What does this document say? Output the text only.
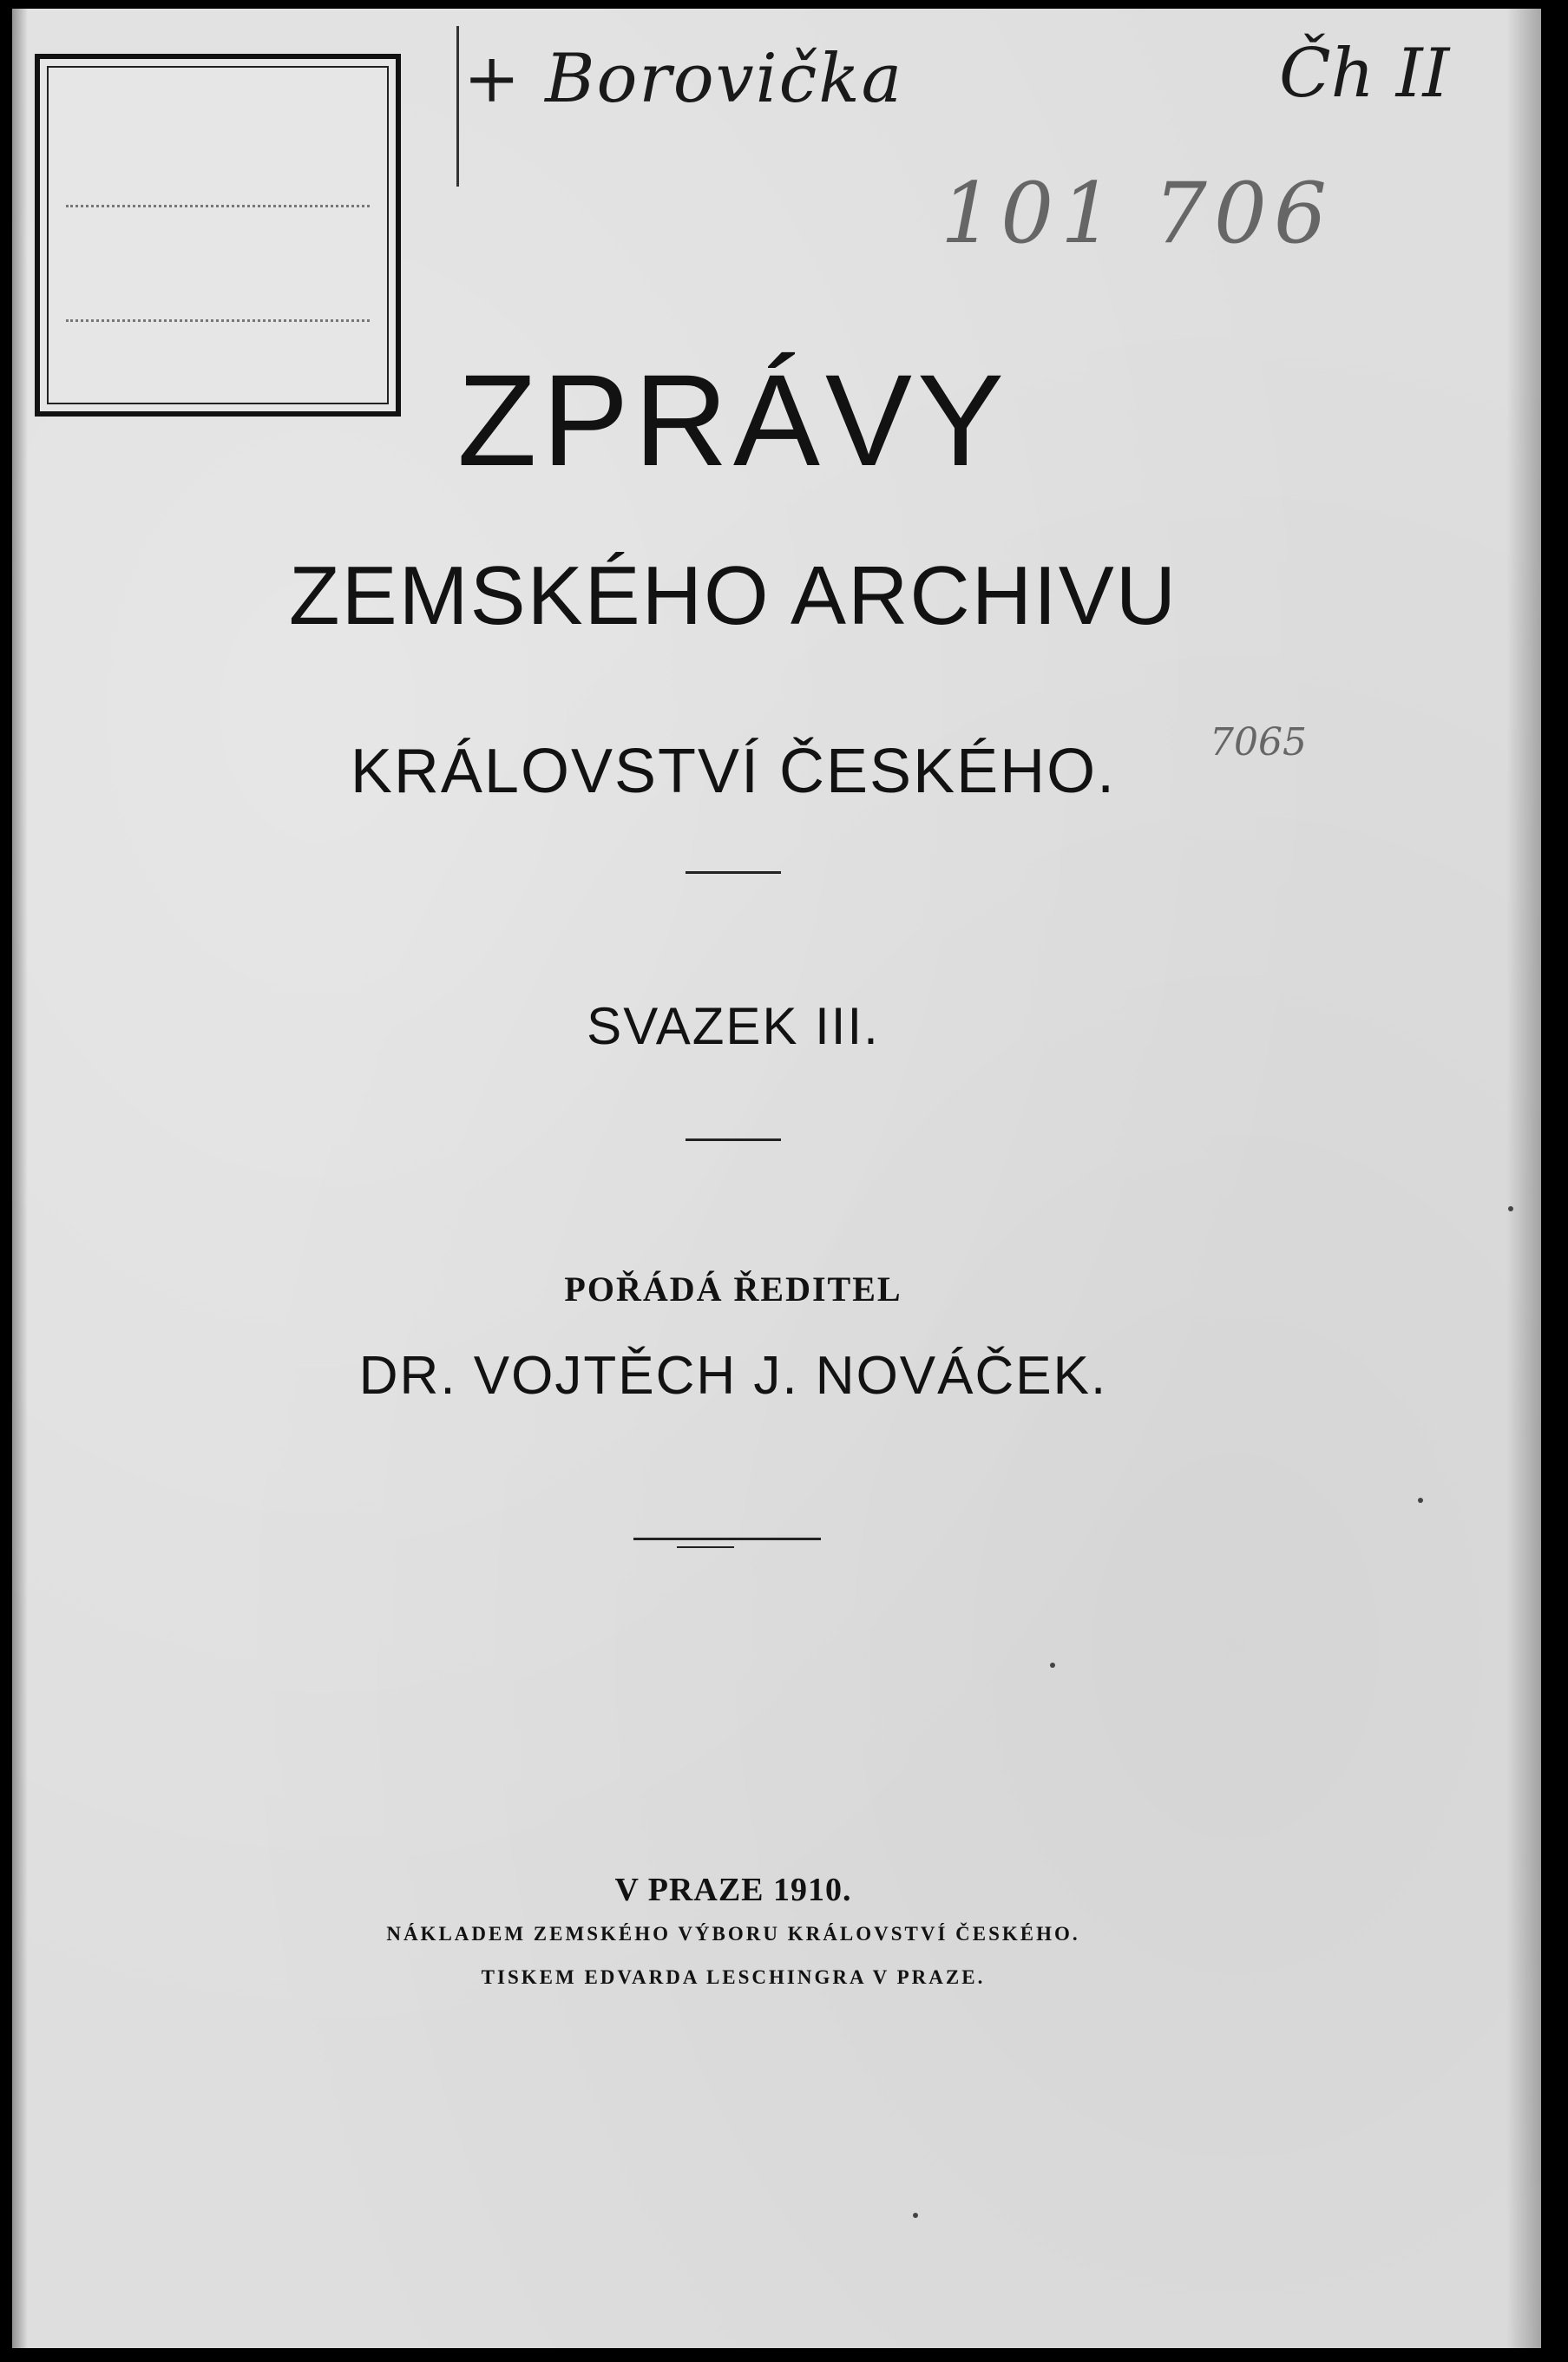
+ Borovička	Čh II
101 706
7065
ZPRÁVY
ZEMSKÉHO ARCHIVU
KRÁLOVSTVÍ ČESKÉHO.
SVAZEK III.
POŘÁDÁ ŘEDITEL
DR. VOJTĚCH J. NOVÁČEK.
V PRAZE 1910.
NÁKLADEM ZEMSKÉHO VÝBORU KRÁLOVSTVÍ ČESKÉHO.
TISKEM EDVARDA LESCHINGRA V PRAZE.
